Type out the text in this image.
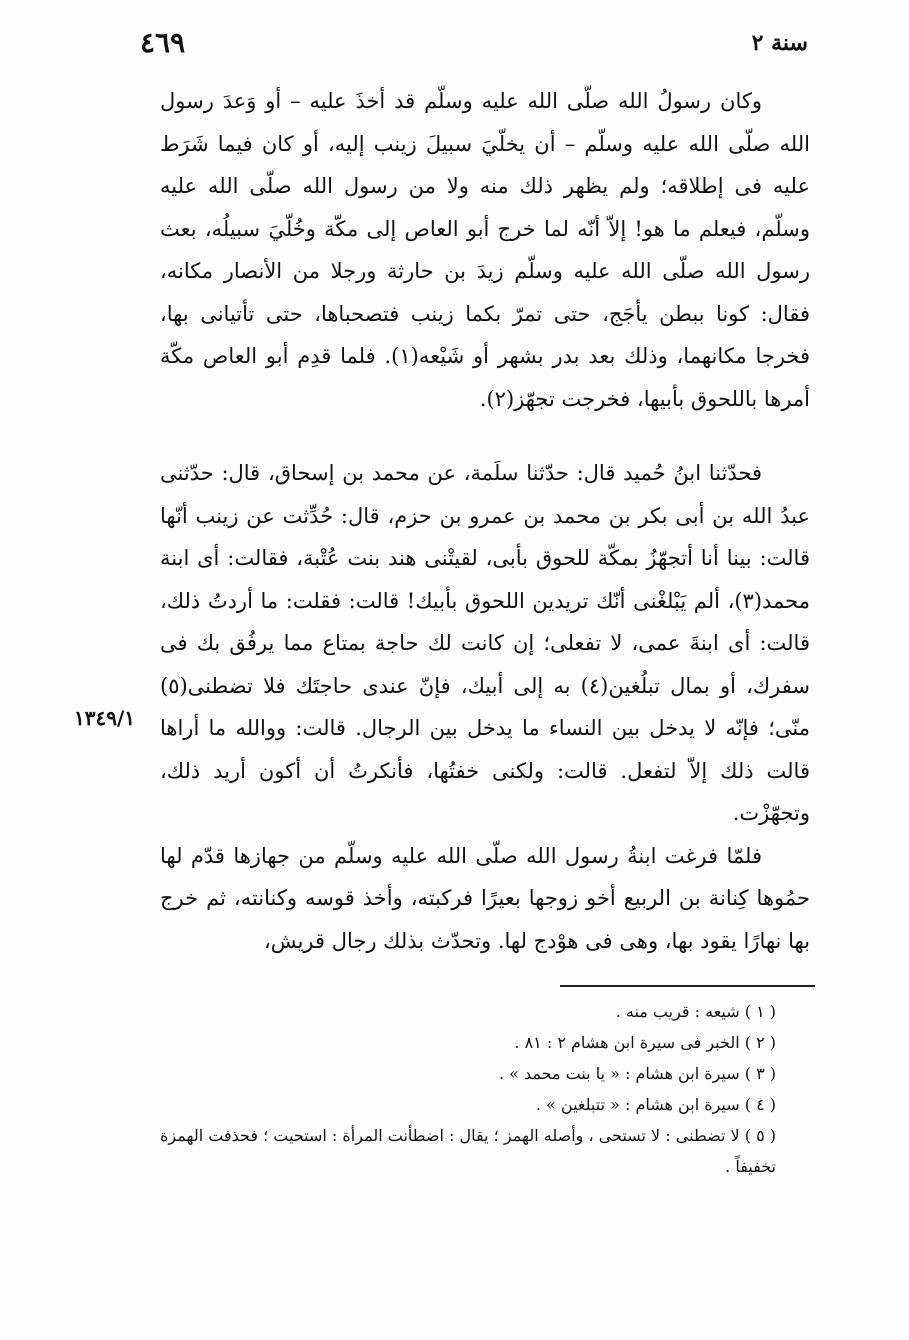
سنة ٢
٤٦٩

وكان رسولُ الله صلّى الله عليه وسلّم قد أخذَ عليه – أو وَعدَ رسول الله صلّى الله عليه وسلّم – أن يخلّيَ سبيلَ زينب إليه، أو كان فيما شَرَط عليه فى إطلاقه؛ ولم يظهر ذلك منه ولا من رسول الله صلّى الله عليه وسلّم، فيعلم ما هو! إلاّ أنّه لما خرج أبو العاص إلى مكّة وخُلّيَ سبيلُه، بعث رسول الله صلّى الله عليه وسلّم زيدَ بن حارثة ورجلا من الأنصار مكانه، فقال: كونا ببطن يأجَج، حتى تمرّ بكما زينب فتصحباها، حتى تأتيانى بها، فخرجا مكانهما، وذلك بعد بدر بشهر أو شَيْعه(١). فلما قدِم أبو العاص مكّة أمرها باللحوق بأبيها، فخرجت تجهّز(٢).

فحدّثنا ابنُ حُميد قال: حدّثنا سلَمة، عن محمد بن إسحاق، قال: حدّثنى عبدُ الله بن أبى بكر بن محمد بن عمرو بن حزم، قال: حُدِّثت عن زينب أنّها قالت: بينا أنا أتجهّزُ بمكّة للحوق بأبى، لقيتْنى هند بنت عُتْبة، فقالت: أى ابنة محمد(٣)، ألم يَبْلغْنى أنّك تريدين اللحوق بأبيك! قالت: فقلت: ما أردتُ ذلك، قالت: أى ابنةَ عمى، لا تفعلى؛ إن كانت لك حاجة بمتاع مما يرفُق بك فى سفرك، أو بمال تبلُغين(٤) به إلى أبيك، فإنّ عندى حاجتَك فلا تضطنى(٥) منّى؛ فإنّه لا يدخل بين النساء ما يدخل بين الرجال. قالت: ووالله ما أراها قالت ذلك إلاّ لتفعل. قالت: ولكنى خفتُها، فأنكرتُ أن أكون أريد ذلك، وتجهّزْت.

فلمّا فرغت ابنةُ رسول الله صلّى الله عليه وسلّم من جهازها قدّم لها حمُوها كِنانة بن الربيع أخو زوجها بعيرًا فركبته، وأخذ قوسه وكنانته، ثم خرج بها نهارًا يقود بها، وهى فى هوْدج لها. وتحدّث بذلك رجال قريش،

١٣٤٩/١

( ١ ) شيعه : قريب منه .

( ٢ ) الخبر فى سيرة ابن هشام ٢ : ٨١ .

( ٣ ) سيرة ابن هشام : « يا بنت محمد » .

( ٤ ) سيرة ابن هشام : « تتبلغين » .

( ٥ ) لا تضطنى : لا تستحى ، وأصله الهمز ؛ يقال : اضطأنت المرأة : استحيت ؛ فحذفت الهمزة تخفيفاً .
